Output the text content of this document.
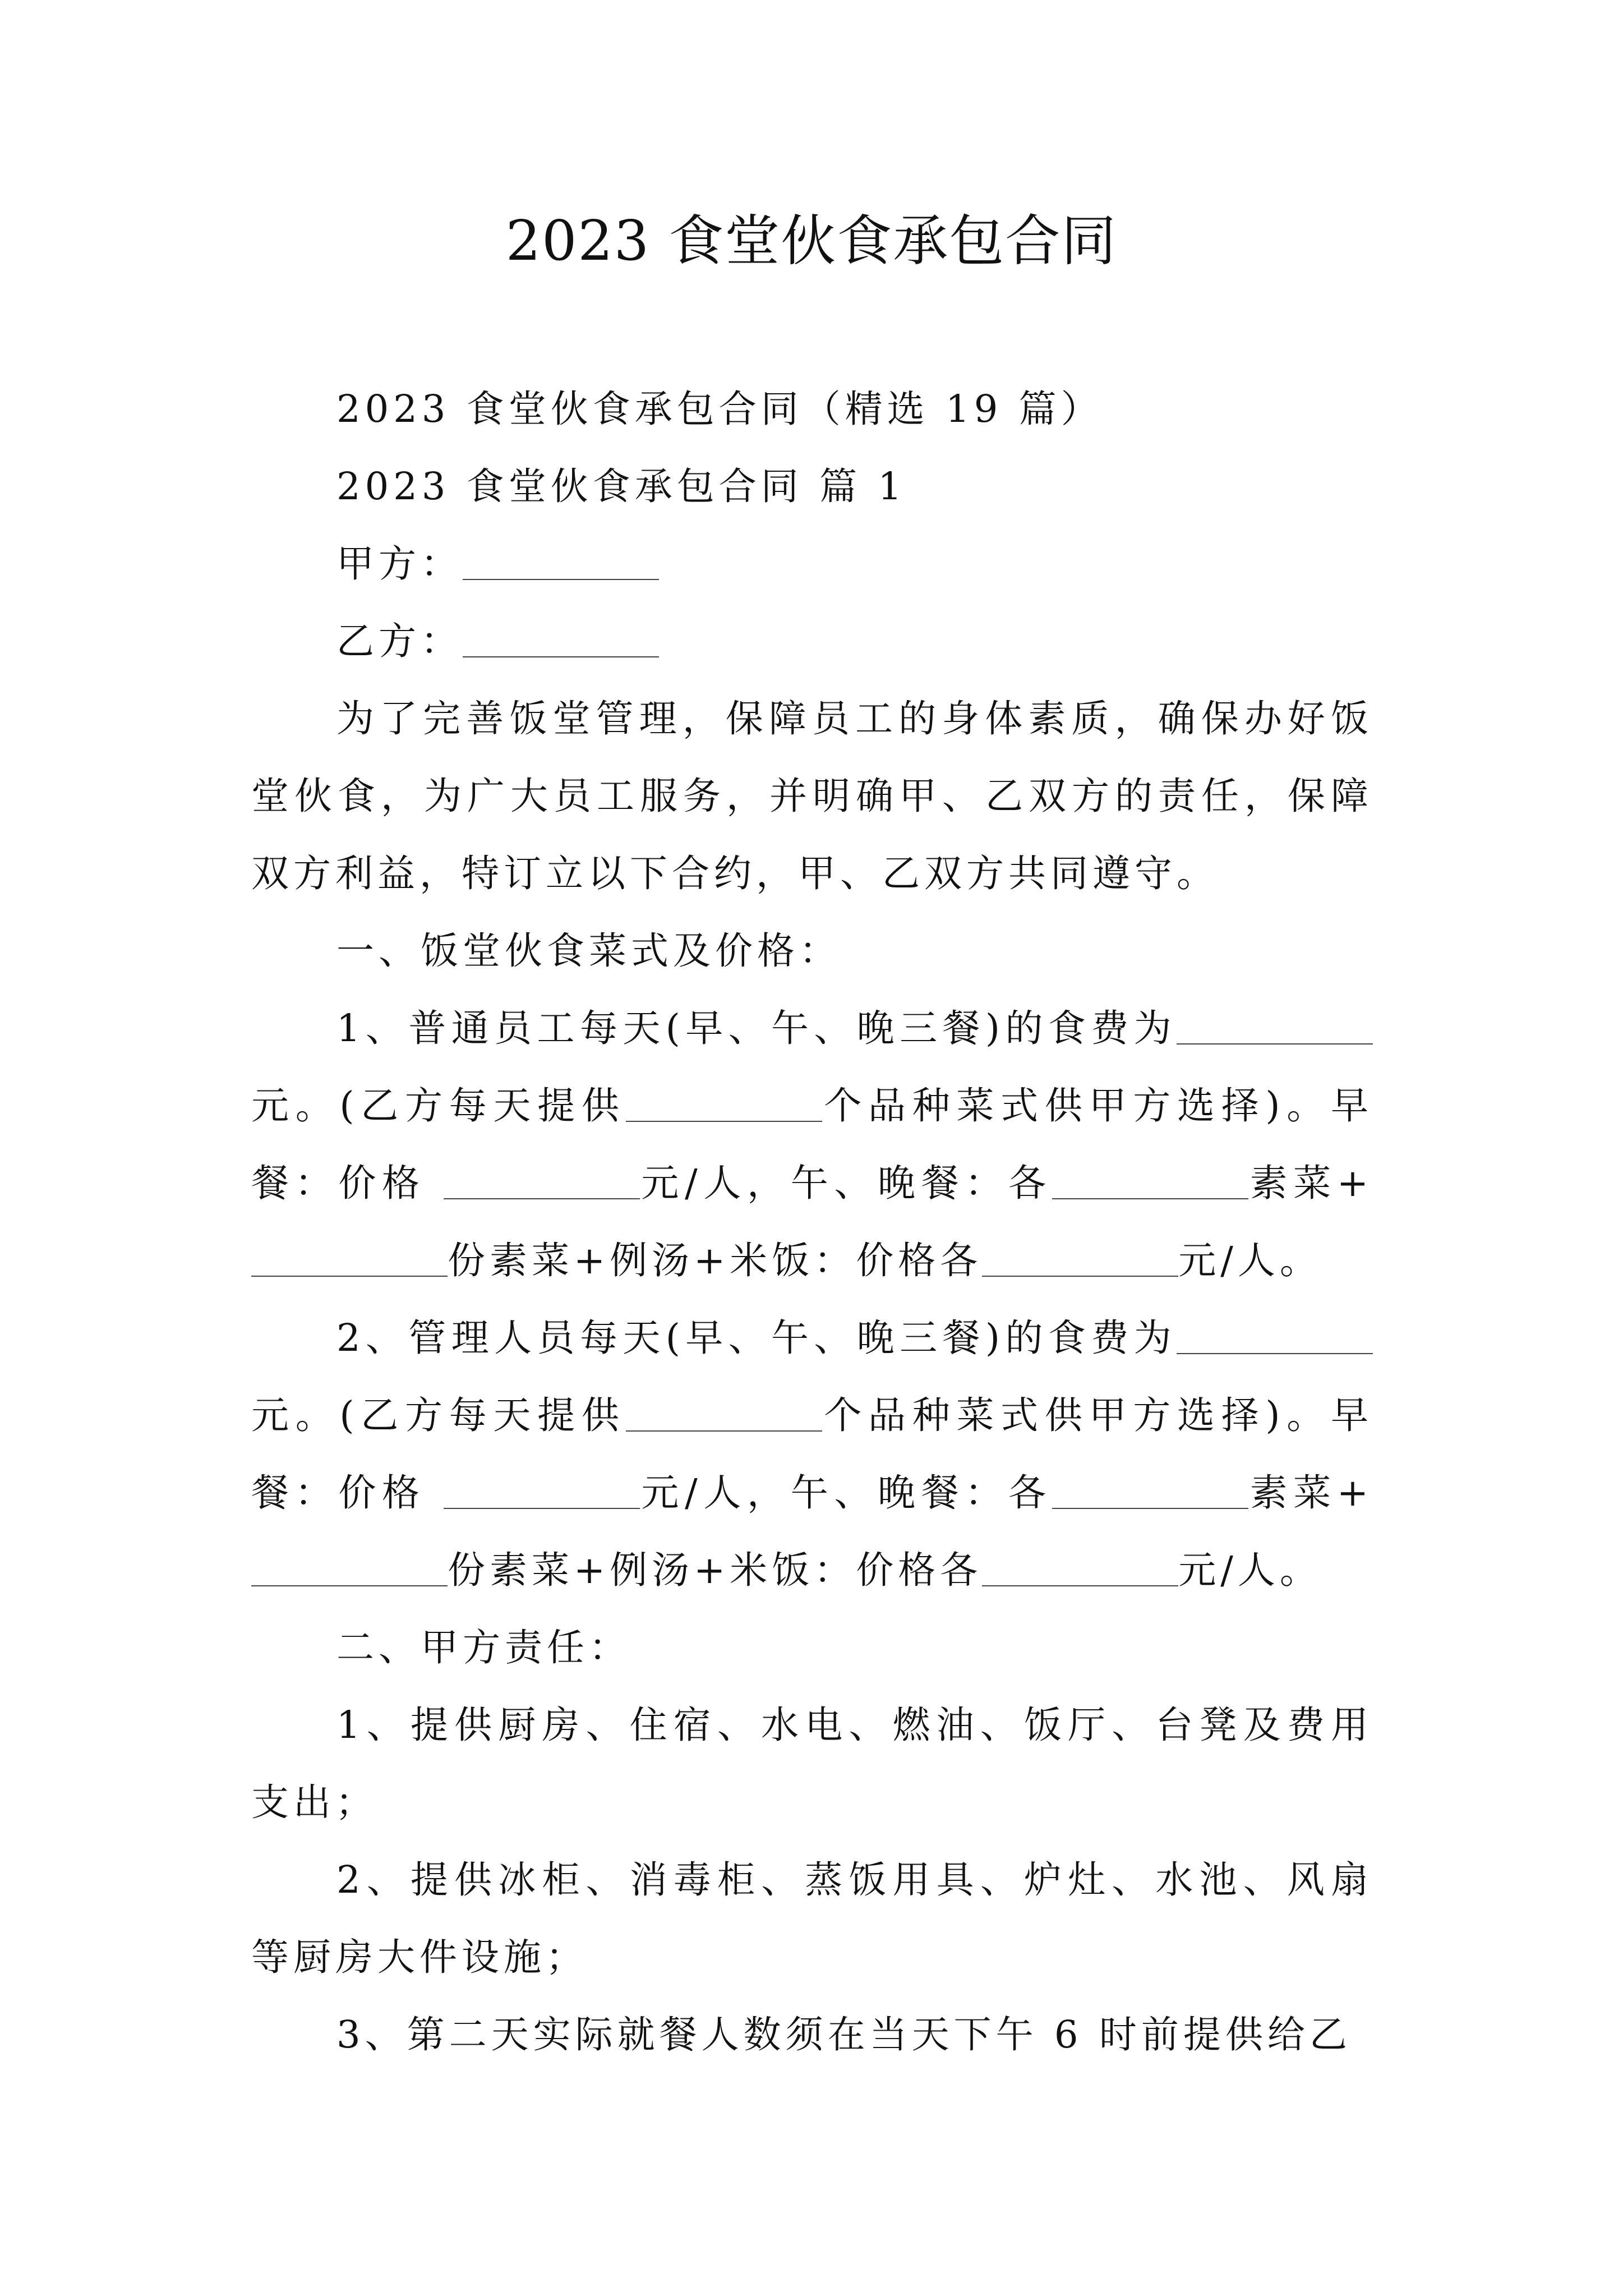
2023 食堂伙食承包合同

2023 食堂伙食承包合同（精选 19 篇）

2023 食堂伙食承包合同 篇 1

甲方：

乙方：

为了完善饭堂管理，保障员工的身体素质，确保办好饭堂伙食，为广大员工服务，并明确甲、乙双方的责任，保障双方利益，特订立以下合约，甲、乙双方共同遵守。

一、饭堂伙食菜式及价格：

1、普通员工每天(早、午、晚三餐)的食费为元。(乙方每天提供	个品种菜式供甲方选择)。早餐：价格	元/人，午、晚餐：各	素菜+份素菜+例汤+米饭：价格各	元/人。

2、管理人员每天(早、午、晚三餐)的食费为元。(乙方每天提供	个品种菜式供甲方选择)。早餐：价格	元/人，午、晚餐：各	素菜+份素菜+例汤+米饭：价格各	元/人。

二、甲方责任：

1、提供厨房、住宿、水电、燃油、饭厅、台凳及费用支出；

2、提供冰柜、消毒柜、蒸饭用具、炉灶、水池、风扇等厨房大件设施；

3、第二天实际就餐人数须在当天下午 6 时前提供给乙
